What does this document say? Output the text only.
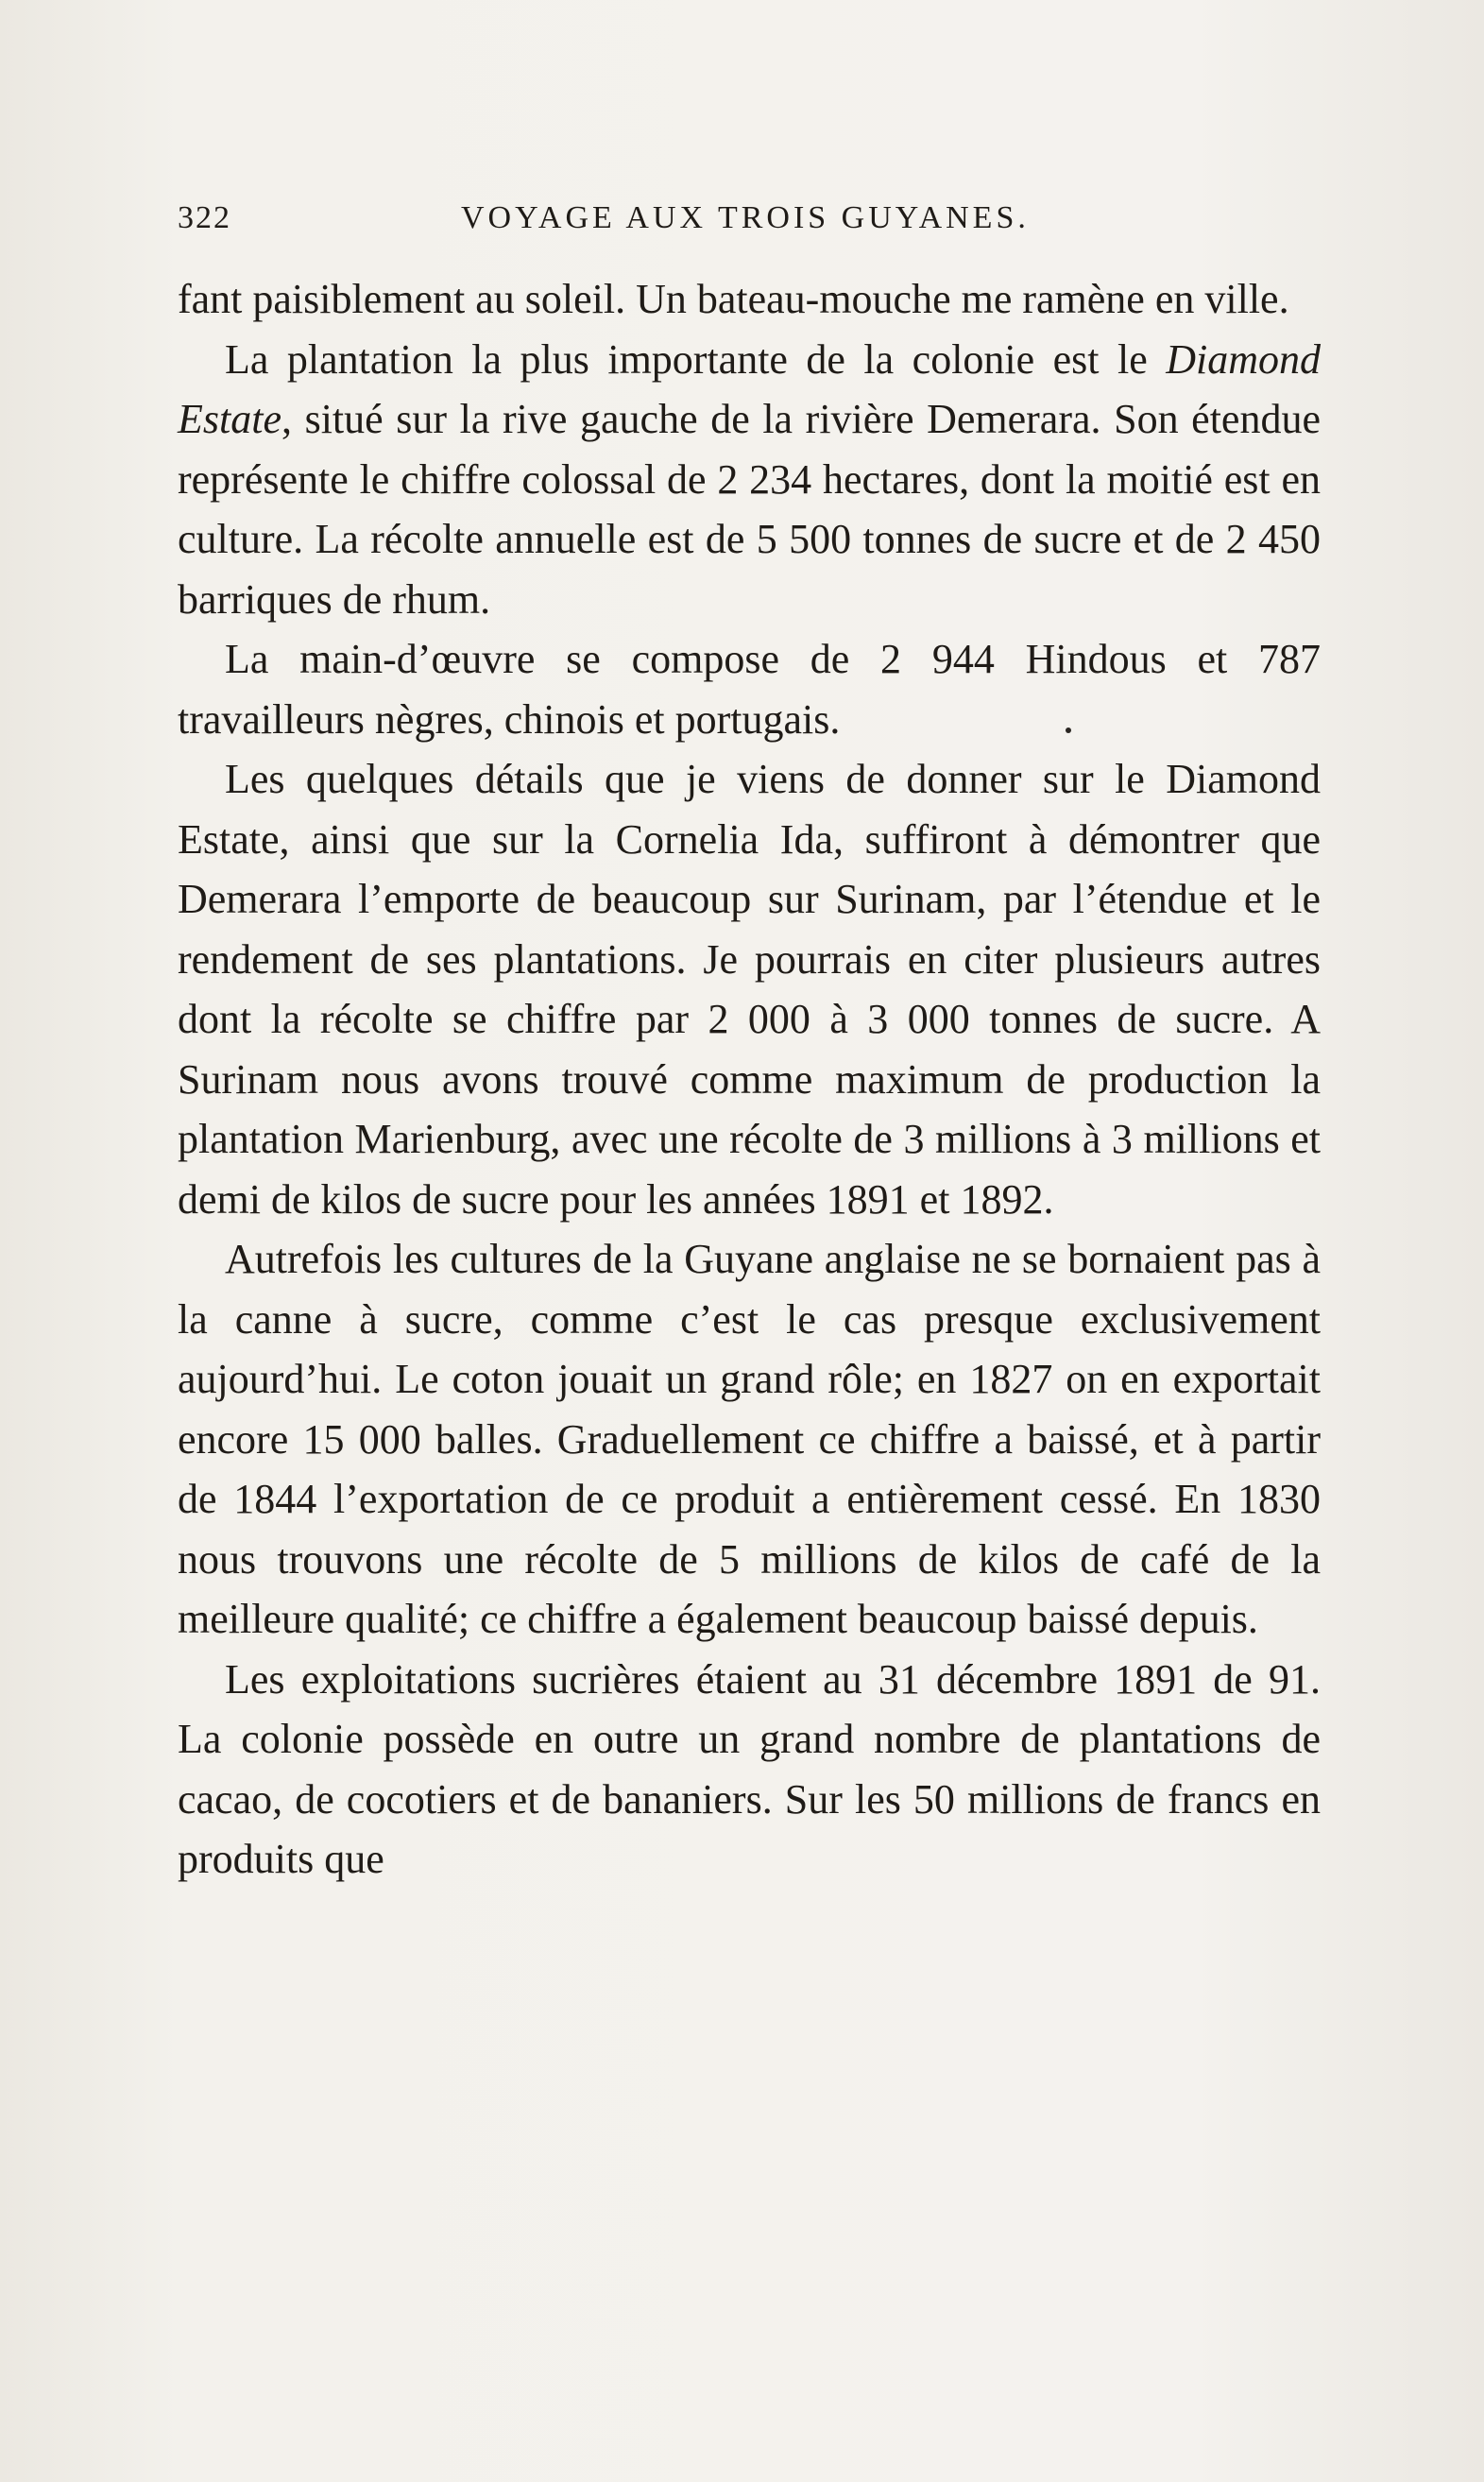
322	VOYAGE AUX TROIS GUYANES.

fant paisiblement au soleil. Un bateau-mouche me ramène en ville.

La plantation la plus importante de la colonie est le Diamond Estate, situé sur la rive gauche de la rivière Demerara. Son étendue représente le chiffre colossal de 2 234 hectares, dont la moitié est en culture. La récolte annuelle est de 5 500 tonnes de sucre et de 2 450 barriques de rhum.

La main-d’œuvre se compose de 2 944 Hindous et 787 travailleurs nègres, chinois et portugais.

Les quelques détails que je viens de donner sur le Diamond Estate, ainsi que sur la Cornelia Ida, suffiront à démontrer que Demerara l’emporte de beaucoup sur Surinam, par l’étendue et le rendement de ses plantations. Je pourrais en citer plusieurs autres dont la récolte se chiffre par 2 000 à 3 000 tonnes de sucre. A Surinam nous avons trouvé comme maximum de production la plantation Marienburg, avec une récolte de 3 millions à 3 millions et demi de kilos de sucre pour les années 1891 et 1892.

Autrefois les cultures de la Guyane anglaise ne se bornaient pas à la canne à sucre, comme c’est le cas presque exclusivement aujourd’hui. Le coton jouait un grand rôle; en 1827 on en exportait encore 15 000 balles. Graduellement ce chiffre a baissé, et à partir de 1844 l’exportation de ce produit a entièrement cessé. En 1830 nous trouvons une récolte de 5 millions de kilos de café de la meilleure qualité; ce chiffre a également beaucoup baissé depuis.

Les exploitations sucrières étaient au 31 décembre 1891 de 91. La colonie possède en outre un grand nombre de plantations de cacao, de cocotiers et de bananiers. Sur les 50 millions de francs en produits que
